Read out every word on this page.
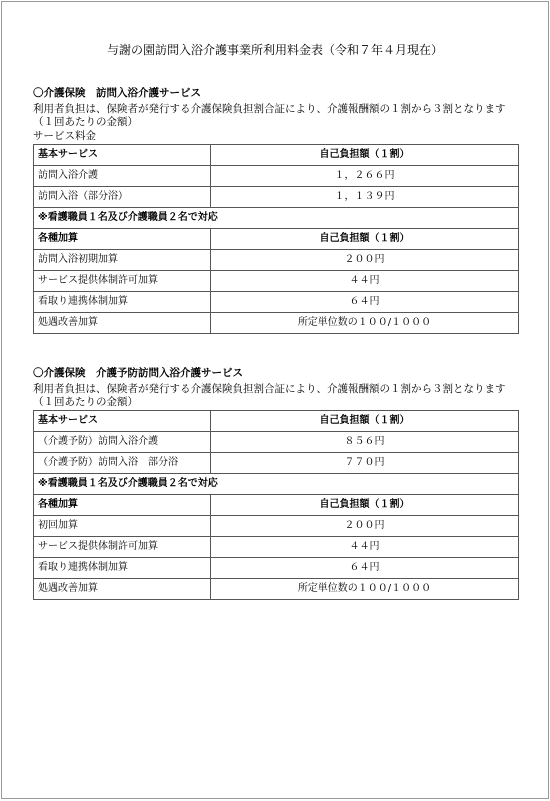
与謝の園訪問入浴介護事業所利用料金表（令和７年４月現在）

〇介護保険　訪問入浴介護サービス

利用者負担は、保険者が発行する介護保険負担割合証により、介護報酬額の１割から３割となります（１回あたりの金額）

サービス料金

基本サービス	自己負担額（１割）
訪問入浴介護	１，２６６円
訪問入浴（部分浴）	１，１３９円
※看護職員１名及び介護職員２名で対応	
各種加算	自己負担額（１割）
訪問入浴初期加算	２００円
サービス提供体制許可加算	４４円
看取り連携体制加算	６４円
処遇改善加算	所定単位数の１００/１０００

〇介護保険　介護予防訪問入浴介護サービス

利用者負担は、保険者が発行する介護保険負担割合証により、介護報酬額の１割から３割となります（１回あたりの金額）

基本サービス	自己負担額（１割）
（介護予防）訪問入浴介護	８５６円
（介護予防）訪問入浴　部分浴	７７０円
※看護職員１名及び介護職員２名で対応	
各種加算	自己負担額（１割）
初回加算	２００円
サービス提供体制許可加算	４４円
看取り連携体制加算	６４円
処遇改善加算	所定単位数の１００/１０００
